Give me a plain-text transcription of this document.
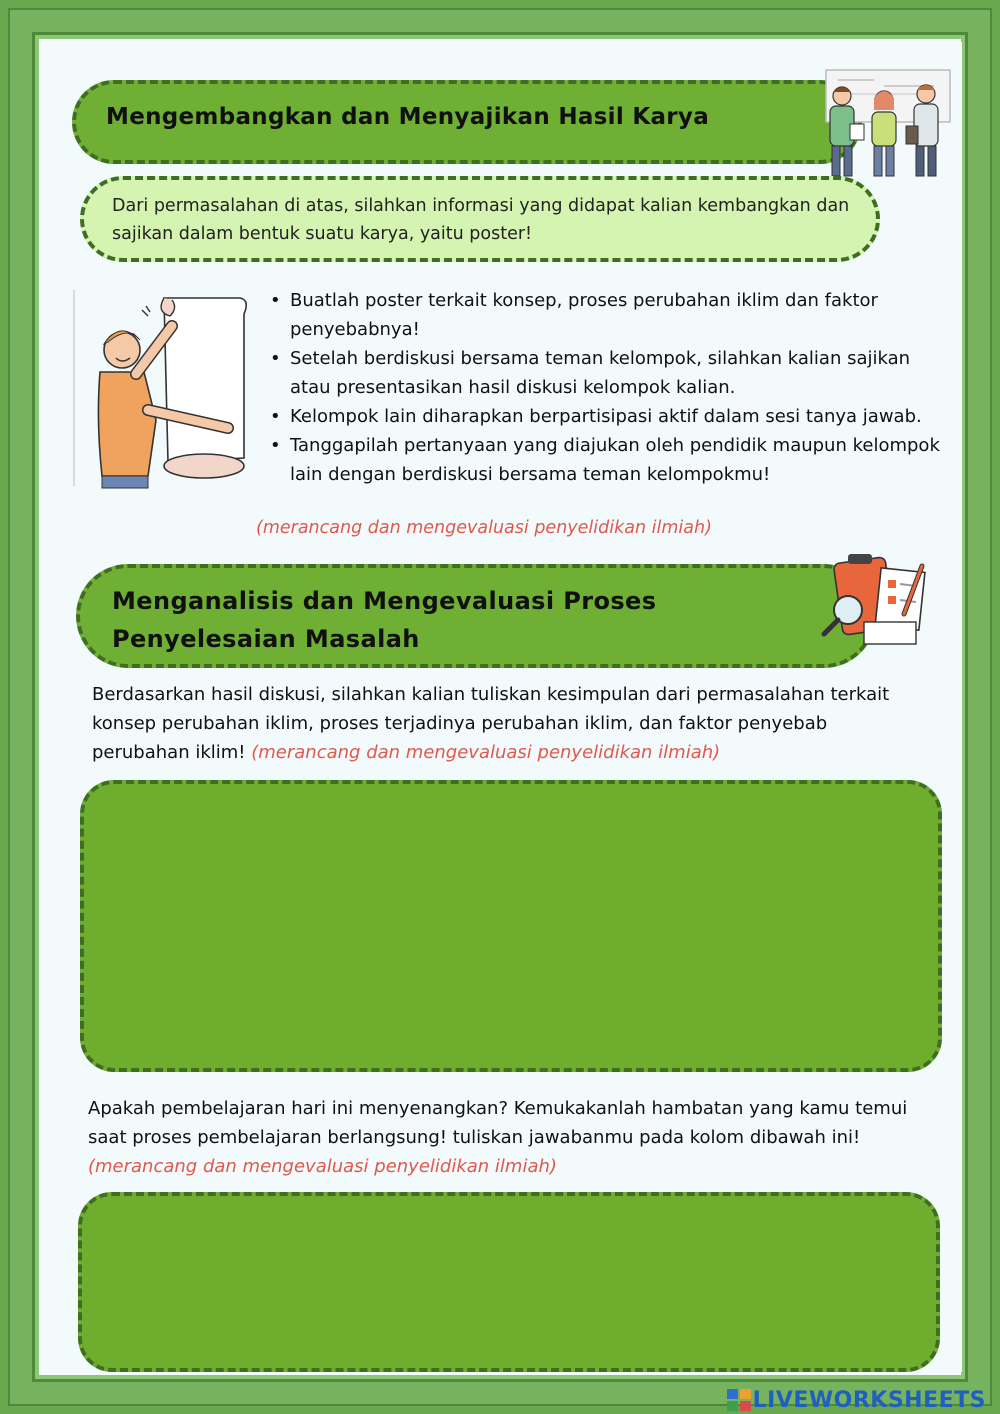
Mengembangkan dan Menyajikan Hasil Karya

Dari permasalahan di atas, silahkan informasi yang didapat kalian kembangkan dan sajikan dalam bentuk suatu karya, yaitu poster!

• Buatlah poster terkait konsep, proses perubahan iklim dan faktor penyebabnya!
• Setelah berdiskusi bersama teman kelompok, silahkan kalian sajikan atau presentasikan hasil diskusi kelompok kalian.
• Kelompok lain diharapkan berpartisipasi aktif dalam sesi tanya jawab.
• Tanggapilah pertanyaan yang diajukan oleh pendidik maupun kelompok lain dengan berdiskusi bersama teman kelompokmu!
(merancang dan mengevaluasi penyelidikan ilmiah)
Menganalisis dan Mengevaluasi Proses Penyelesaian Masalah

Berdasarkan hasil diskusi, silahkan kalian tuliskan kesimpulan dari permasalahan terkait konsep perubahan iklim, proses terjadinya perubahan iklim, dan faktor penyebab perubahan iklim! (merancang dan mengevaluasi penyelidikan ilmiah)

Apakah pembelajaran hari ini menyenangkan? Kemukakanlah hambatan yang kamu temui saat proses pembelajaran berlangsung! tuliskan jawabanmu pada kolom dibawah ini! (merancang dan mengevaluasi penyelidikan ilmiah)

LIVEWORKSHEETS
